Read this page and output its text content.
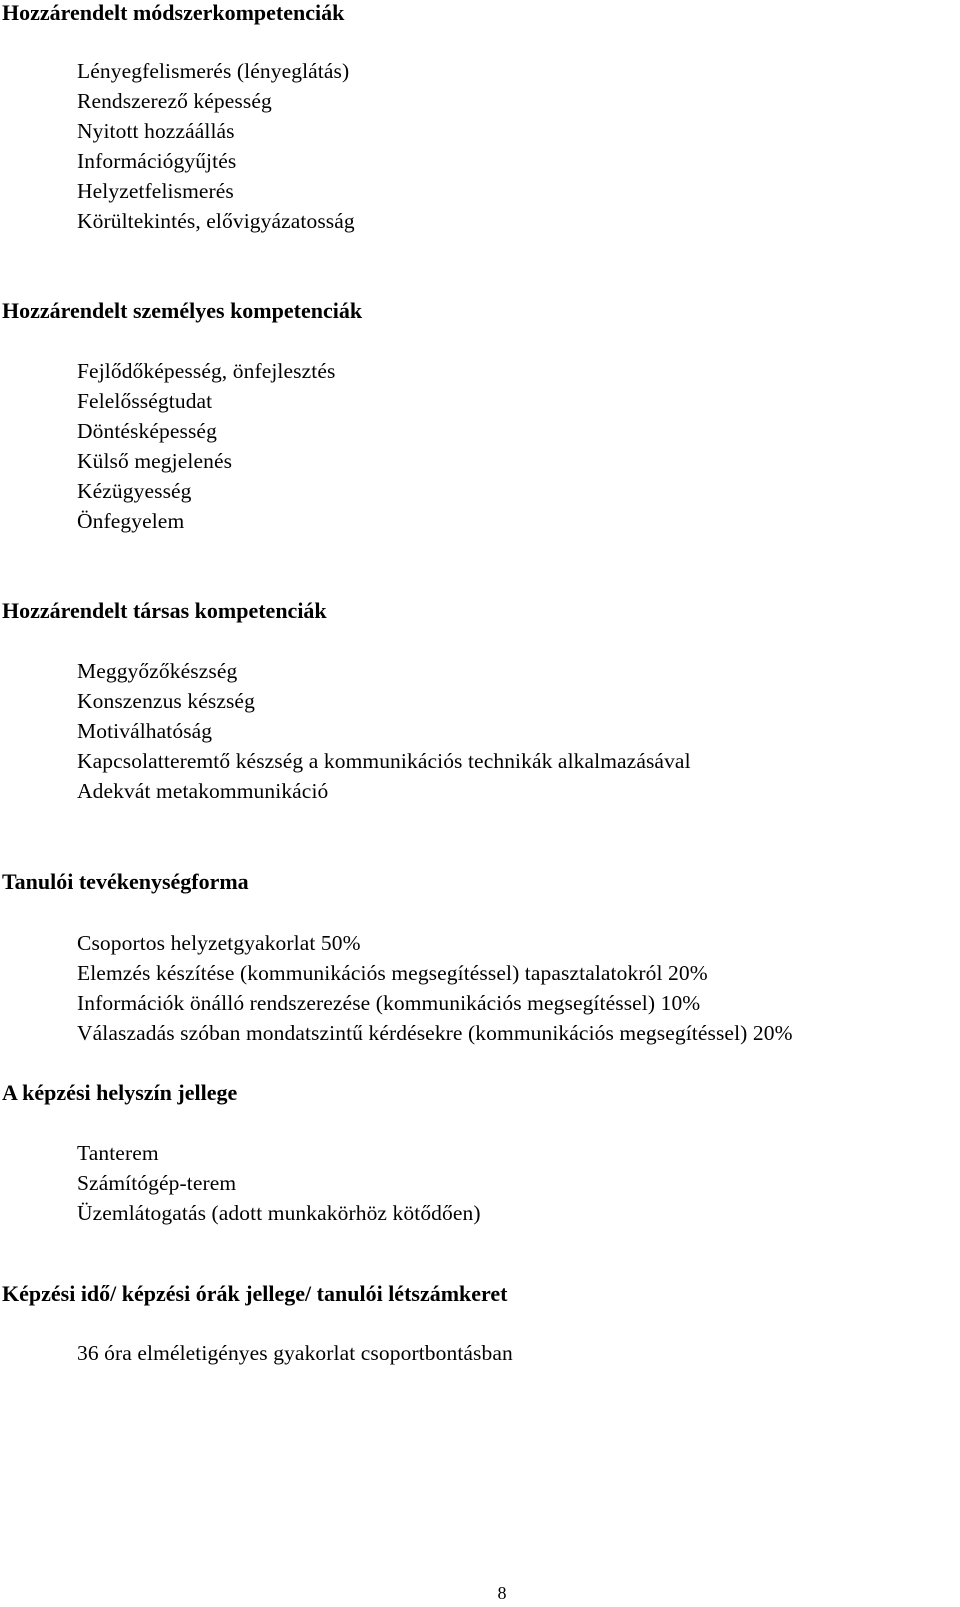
Hozzárendelt módszerkompetenciák
Lényegfelismerés (lényeglátás)
Rendszerező képesség
Nyitott hozzáállás
Információgyűjtés
Helyzetfelismerés
Körültekintés, elővigyázatosság
Hozzárendelt személyes kompetenciák
Fejlődőképesség, önfejlesztés
Felelősségtudat
Döntésképesség
Külső megjelenés
Kézügyesség
Önfegyelem
Hozzárendelt társas kompetenciák
Meggyőzőkészség
Konszenzus készség
Motiválhatóság
Kapcsolatteremtő készség a kommunikációs technikák alkalmazásával
Adekvát metakommunikáció
Tanulói tevékenységforma
Csoportos helyzetgyakorlat 50%
Elemzés készítése (kommunikációs megsegítéssel) tapasztalatokról 20%
Információk önálló rendszerezése (kommunikációs megsegítéssel) 10%
Válaszadás szóban mondatszintű kérdésekre (kommunikációs megsegítéssel) 20%
A képzési helyszín jellege
Tanterem
Számítógép-terem
Üzemlátogatás (adott munkakörhöz kötődően)
Képzési idő/ képzési órák jellege/ tanulói létszámkeret
36 óra elméletigényes gyakorlat csoportbontásban
8
